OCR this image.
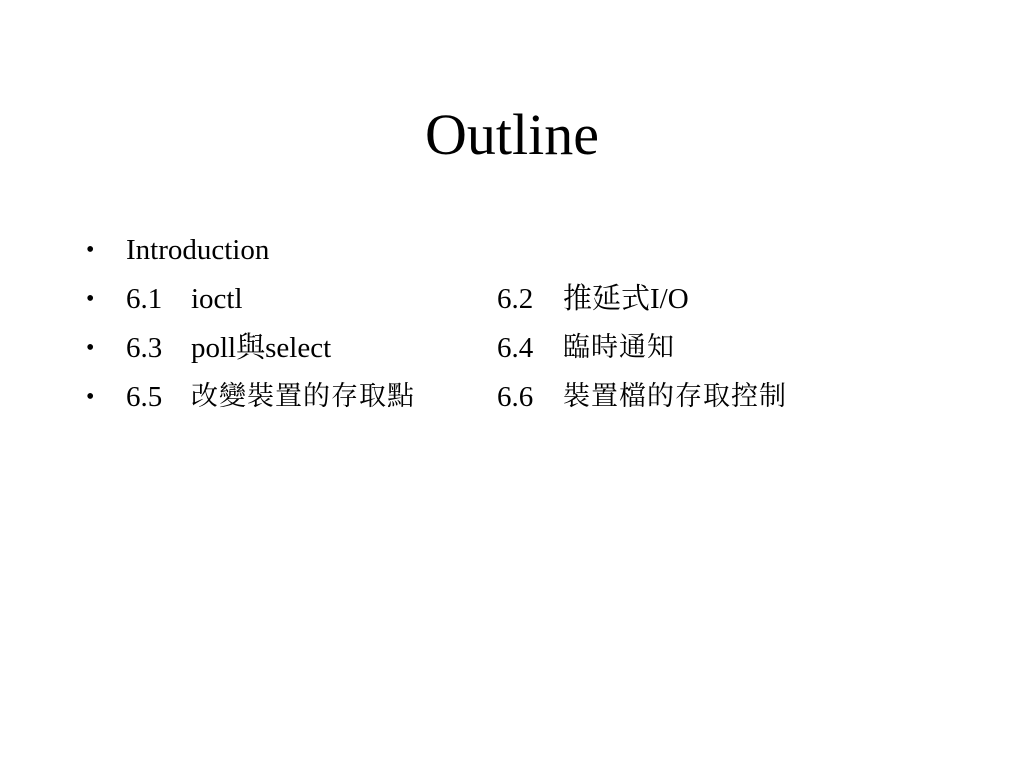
Outline
•	Introduction
•	6.1 ioctl	6.2 推延式I/O
•	6.3 poll與select	6.4 臨時通知
•	6.5 改變裝置的存取點	6.6 裝置檔的存取控制
